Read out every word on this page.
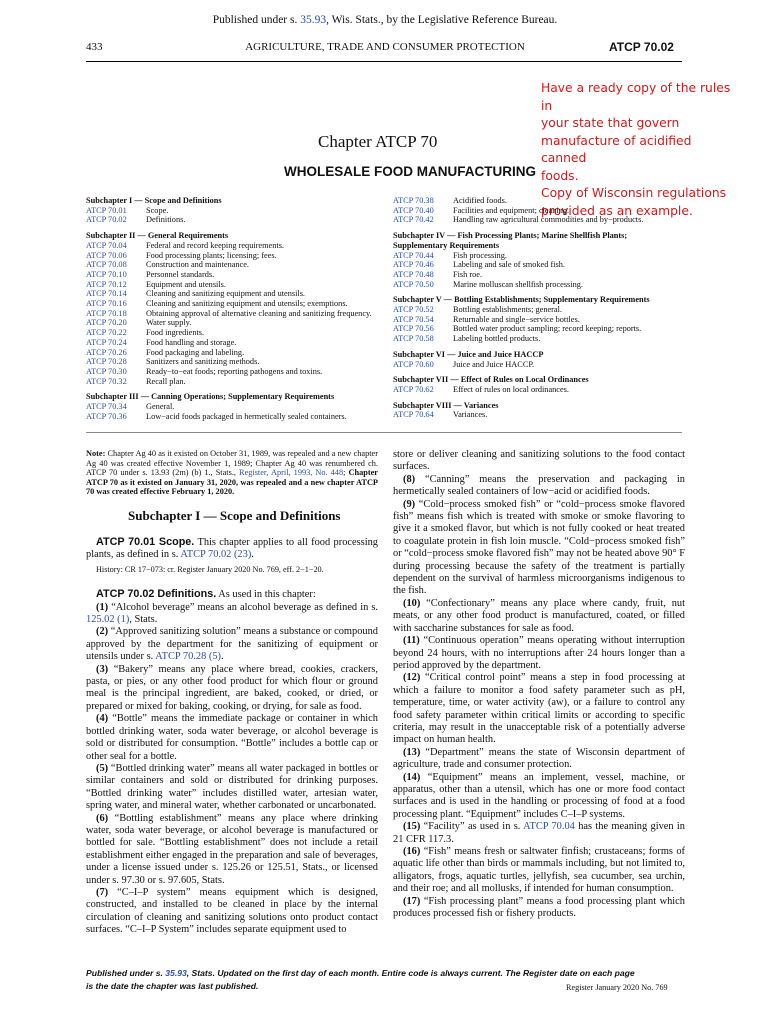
Published under s. 35.93, Wis. Stats., by the Legislative Reference Bureau.
433	AGRICULTURE, TRADE AND CONSUMER PROTECTION	ATCP 70.02
Have a ready copy of the rules in
your state that govern
manufacture of acidified canned
foods.
Copy of Wisconsin regulations
provided as an example.
Chapter ATCP 70
WHOLESALE FOOD MANUFACTURING
Subchapter I — Scope and Definitions
ATCP 70.01	Scope.
ATCP 70.02	Definitions.
Subchapter II — General Requirements
ATCP 70.04	Federal and record keeping requirements.
ATCP 70.06	Food processing plants; licensing; fees.
ATCP 70.08	Construction and maintenance.
ATCP 70.10	Personnel standards.
ATCP 70.12	Equipment and utensils.
ATCP 70.14	Cleaning and sanitizing equipment and utensils.
ATCP 70.16	Cleaning and sanitizing equipment and utensils; exemptions.
ATCP 70.18	Obtaining approval of alternative cleaning and sanitizing frequency.
ATCP 70.20	Water supply.
ATCP 70.22	Food ingredients.
ATCP 70.24	Food handling and storage.
ATCP 70.26	Food packaging and labeling.
ATCP 70.28	Sanitizers and sanitizing methods.
ATCP 70.30	Ready−to−eat foods; reporting pathogens and toxins.
ATCP 70.32	Recall plan.
Subchapter III — Canning Operations; Supplementary Requirements
ATCP 70.34	General.
ATCP 70.36	Low−acid foods packaged in hermetically sealed containers.
ATCP 70.38	Acidified foods.
ATCP 70.40	Facilities and equipment; cleaning.
ATCP 70.42	Handling raw agricultural commodities and by−products.
Subchapter IV — Fish Processing Plants; Marine Shellfish Plants; Supplementary Requirements
ATCP 70.44	Fish processing.
ATCP 70.46	Labeling and sale of smoked fish.
ATCP 70.48	Fish roe.
ATCP 70.50	Marine molluscan shellfish processing.
Subchapter V — Bottling Establishments; Supplementary Requirements
ATCP 70.52	Bottling establishments; general.
ATCP 70.54	Returnable and single−service bottles.
ATCP 70.56	Bottled water product sampling; record keeping; reports.
ATCP 70.58	Labeling bottled products.
Subchapter VI — Juice and Juice HACCP
ATCP 70.60	Juice and Juice HACCP.
Subchapter VII — Effect of Rules on Local Ordinances
ATCP 70.62	Effect of rules on local ordinances.
Subchapter VIII — Variances
ATCP 70.64	Variances.
Note: Chapter Ag 40 as it existed on October 31, 1989, was repealed and a new chapter Ag 40 was created effective November 1, 1989; Chapter Ag 40 was renumbered ch. ATCP 70 under s. 13.93 (2m) (b) 1., Stats., Register, April, 1993, No. 448; Chapter ATCP 70 as it existed on January 31, 2020, was repealed and a new chapter ATCP 70 was created effective February 1, 2020.
Subchapter I — Scope and Definitions

ATCP 70.01 Scope. This chapter applies to all food processing plants, as defined in s. ATCP 70.02 (23).

History: CR 17−073: cr. Register January 2020 No. 769, eff. 2−1−20.

ATCP 70.02 Definitions. As used in this chapter:

(1) “Alcohol beverage” means an alcohol beverage as defined in s. 125.02 (1), Stats.

(2) “Approved sanitizing solution” means a substance or compound approved by the department for the sanitizing of equipment or utensils under s. ATCP 70.28 (5).

(3) “Bakery” means any place where bread, cookies, crackers, pasta, or pies, or any other food product for which flour or ground meal is the principal ingredient, are baked, cooked, or dried, or prepared or mixed for baking, cooking, or drying, for sale as food.

(4) “Bottle” means the immediate package or container in which bottled drinking water, soda water beverage, or alcohol beverage is sold or distributed for consumption. “Bottle” includes a bottle cap or other seal for a bottle.

(5) “Bottled drinking water” means all water packaged in bottles or similar containers and sold or distributed for drinking purposes. “Bottled drinking water” includes distilled water, artesian water, spring water, and mineral water, whether carbonated or uncarbonated.

(6) “Bottling establishment” means any place where drinking water, soda water beverage, or alcohol beverage is manufactured or bottled for sale. “Bottling establishment” does not include a retail establishment either engaged in the preparation and sale of beverages, under a license issued under s. 125.26 or 125.51, Stats., or licensed under s. 97.30 or s. 97.605, Stats.

(7) “C–I–P system” means equipment which is designed, constructed, and installed to be cleaned in place by the internal circulation of cleaning and sanitizing solutions onto product contact surfaces. “C–I–P System” includes separate equipment used to

store or deliver cleaning and sanitizing solutions to the food contact surfaces.

(8) “Canning” means the preservation and packaging in hermetically sealed containers of low−acid or acidified foods.

(9) “Cold−process smoked fish” or “cold−process smoke flavored fish” means fish which is treated with smoke or smoke flavoring to give it a smoked flavor, but which is not fully cooked or heat treated to coagulate protein in fish loin muscle. “Cold−process smoked fish” or “cold−process smoke flavored fish” may not be heated above 90° F during processing because the safety of the treatment is partially dependent on the survival of harmless microorganisms indigenous to the fish.

(10) “Confectionary” means any place where candy, fruit, nut meats, or any other food product is manufactured, coated, or filled with saccharine substances for sale as food.

(11) “Continuous operation” means operating without interruption beyond 24 hours, with no interruptions after 24 hours longer than a period approved by the department.

(12) “Critical control point” means a step in food processing at which a failure to monitor a food safety parameter such as pH, temperature, time, or water activity (aw), or a failure to control any food safety parameter within critical limits or according to specific criteria, may result in the unacceptable risk of a potentially adverse impact on human health.

(13) “Department” means the state of Wisconsin department of agriculture, trade and consumer protection.

(14) “Equipment” means an implement, vessel, machine, or apparatus, other than a utensil, which has one or more food contact surfaces and is used in the handling or processing of food at a food processing plant. “Equipment” includes C–I–P systems.

(15) “Facility” as used in s. ATCP 70.04 has the meaning given in 21 CFR 117.3.

(16) “Fish” means fresh or saltwater finfish; crustaceans; forms of aquatic life other than birds or mammals including, but not limited to, alligators, frogs, aquatic turtles, jellyfish, sea cucumber, sea urchin, and their roe; and all mollusks, if intended for human consumption.

(17) “Fish processing plant” means a food processing plant which produces processed fish or fishery products.

Published under s. 35.93, Stats. Updated on the first day of each month. Entire code is always current. The Register date on each page
is the date the chapter was last published.	Register January 2020 No. 769
